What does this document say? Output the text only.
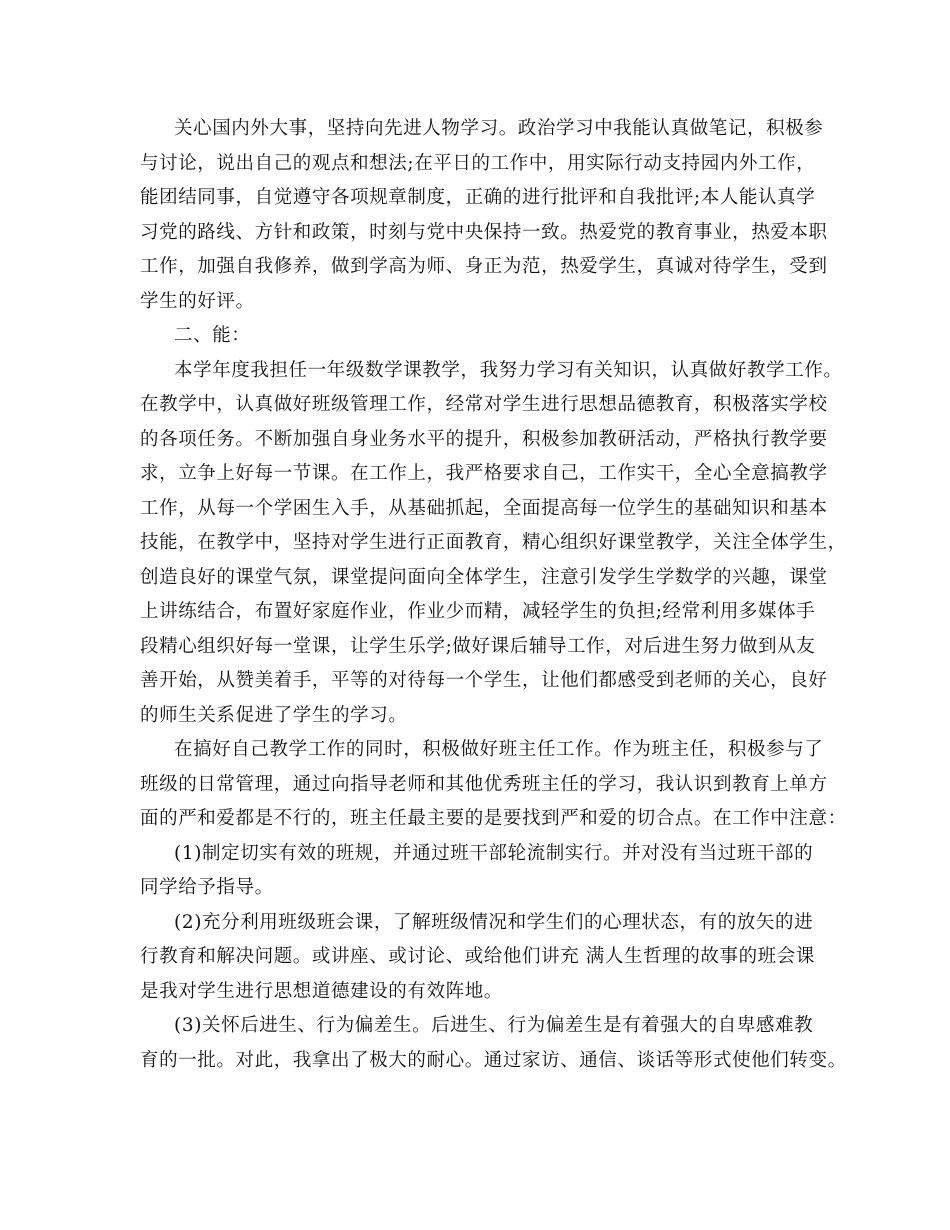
关心国内外大事，坚持向先进人物学习。政治学习中我能认真做笔记，积极参
与讨论，说出自己的观点和想法;在平日的工作中，用实际行动支持园内外工作，
能团结同事，自觉遵守各项规章制度，正确的进行批评和自我批评;本人能认真学
习党的路线、方针和政策，时刻与党中央保持一致。热爱党的教育事业，热爱本职
工作，加强自我修养，做到学高为师、身正为范，热爱学生，真诚对待学生，受到
学生的好评。
二、能：
本学年度我担任一年级数学课教学，我努力学习有关知识，认真做好教学工作。
在教学中，认真做好班级管理工作，经常对学生进行思想品德教育，积极落实学校
的各项任务。不断加强自身业务水平的提升，积极参加教研活动，严格执行教学要
求，立争上好每一节课。在工作上，我严格要求自己，工作实干，全心全意搞教学
工作，从每一个学困生入手，从基础抓起，全面提高每一位学生的基础知识和基本
技能，在教学中，坚持对学生进行正面教育，精心组织好课堂教学，关注全体学生，
创造良好的课堂气氛，课堂提问面向全体学生，注意引发学生学数学的兴趣，课堂
上讲练结合，布置好家庭作业，作业少而精，减轻学生的负担;经常利用多媒体手
段精心组织好每一堂课，让学生乐学;做好课后辅导工作，对后进生努力做到从友
善开始，从赞美着手，平等的对待每一个学生，让他们都感受到老师的关心，良好
的师生关系促进了学生的学习。
在搞好自己教学工作的同时，积极做好班主任工作。作为班主任，积极参与了
班级的日常管理，通过向指导老师和其他优秀班主任的学习，我认识到教育上单方
面的严和爱都是不行的，班主任最主要的是要找到严和爱的切合点。在工作中注意：
(1)制定切实有效的班规，并通过班干部轮流制实行。并对没有当过班干部的
同学给予指导。
(2)充分利用班级班会课，了解班级情况和学生们的心理状态，有的放矢的进
行教育和解决问题。或讲座、或讨论、或给他们讲充 满人生哲理的故事的班会课
是我对学生进行思想道德建设的有效阵地。
(3)关怀后进生、行为偏差生。后进生、行为偏差生是有着强大的自卑感难教
育的一批。对此，我拿出了极大的耐心。通过家访、通信、谈话等形式使他们转变。
